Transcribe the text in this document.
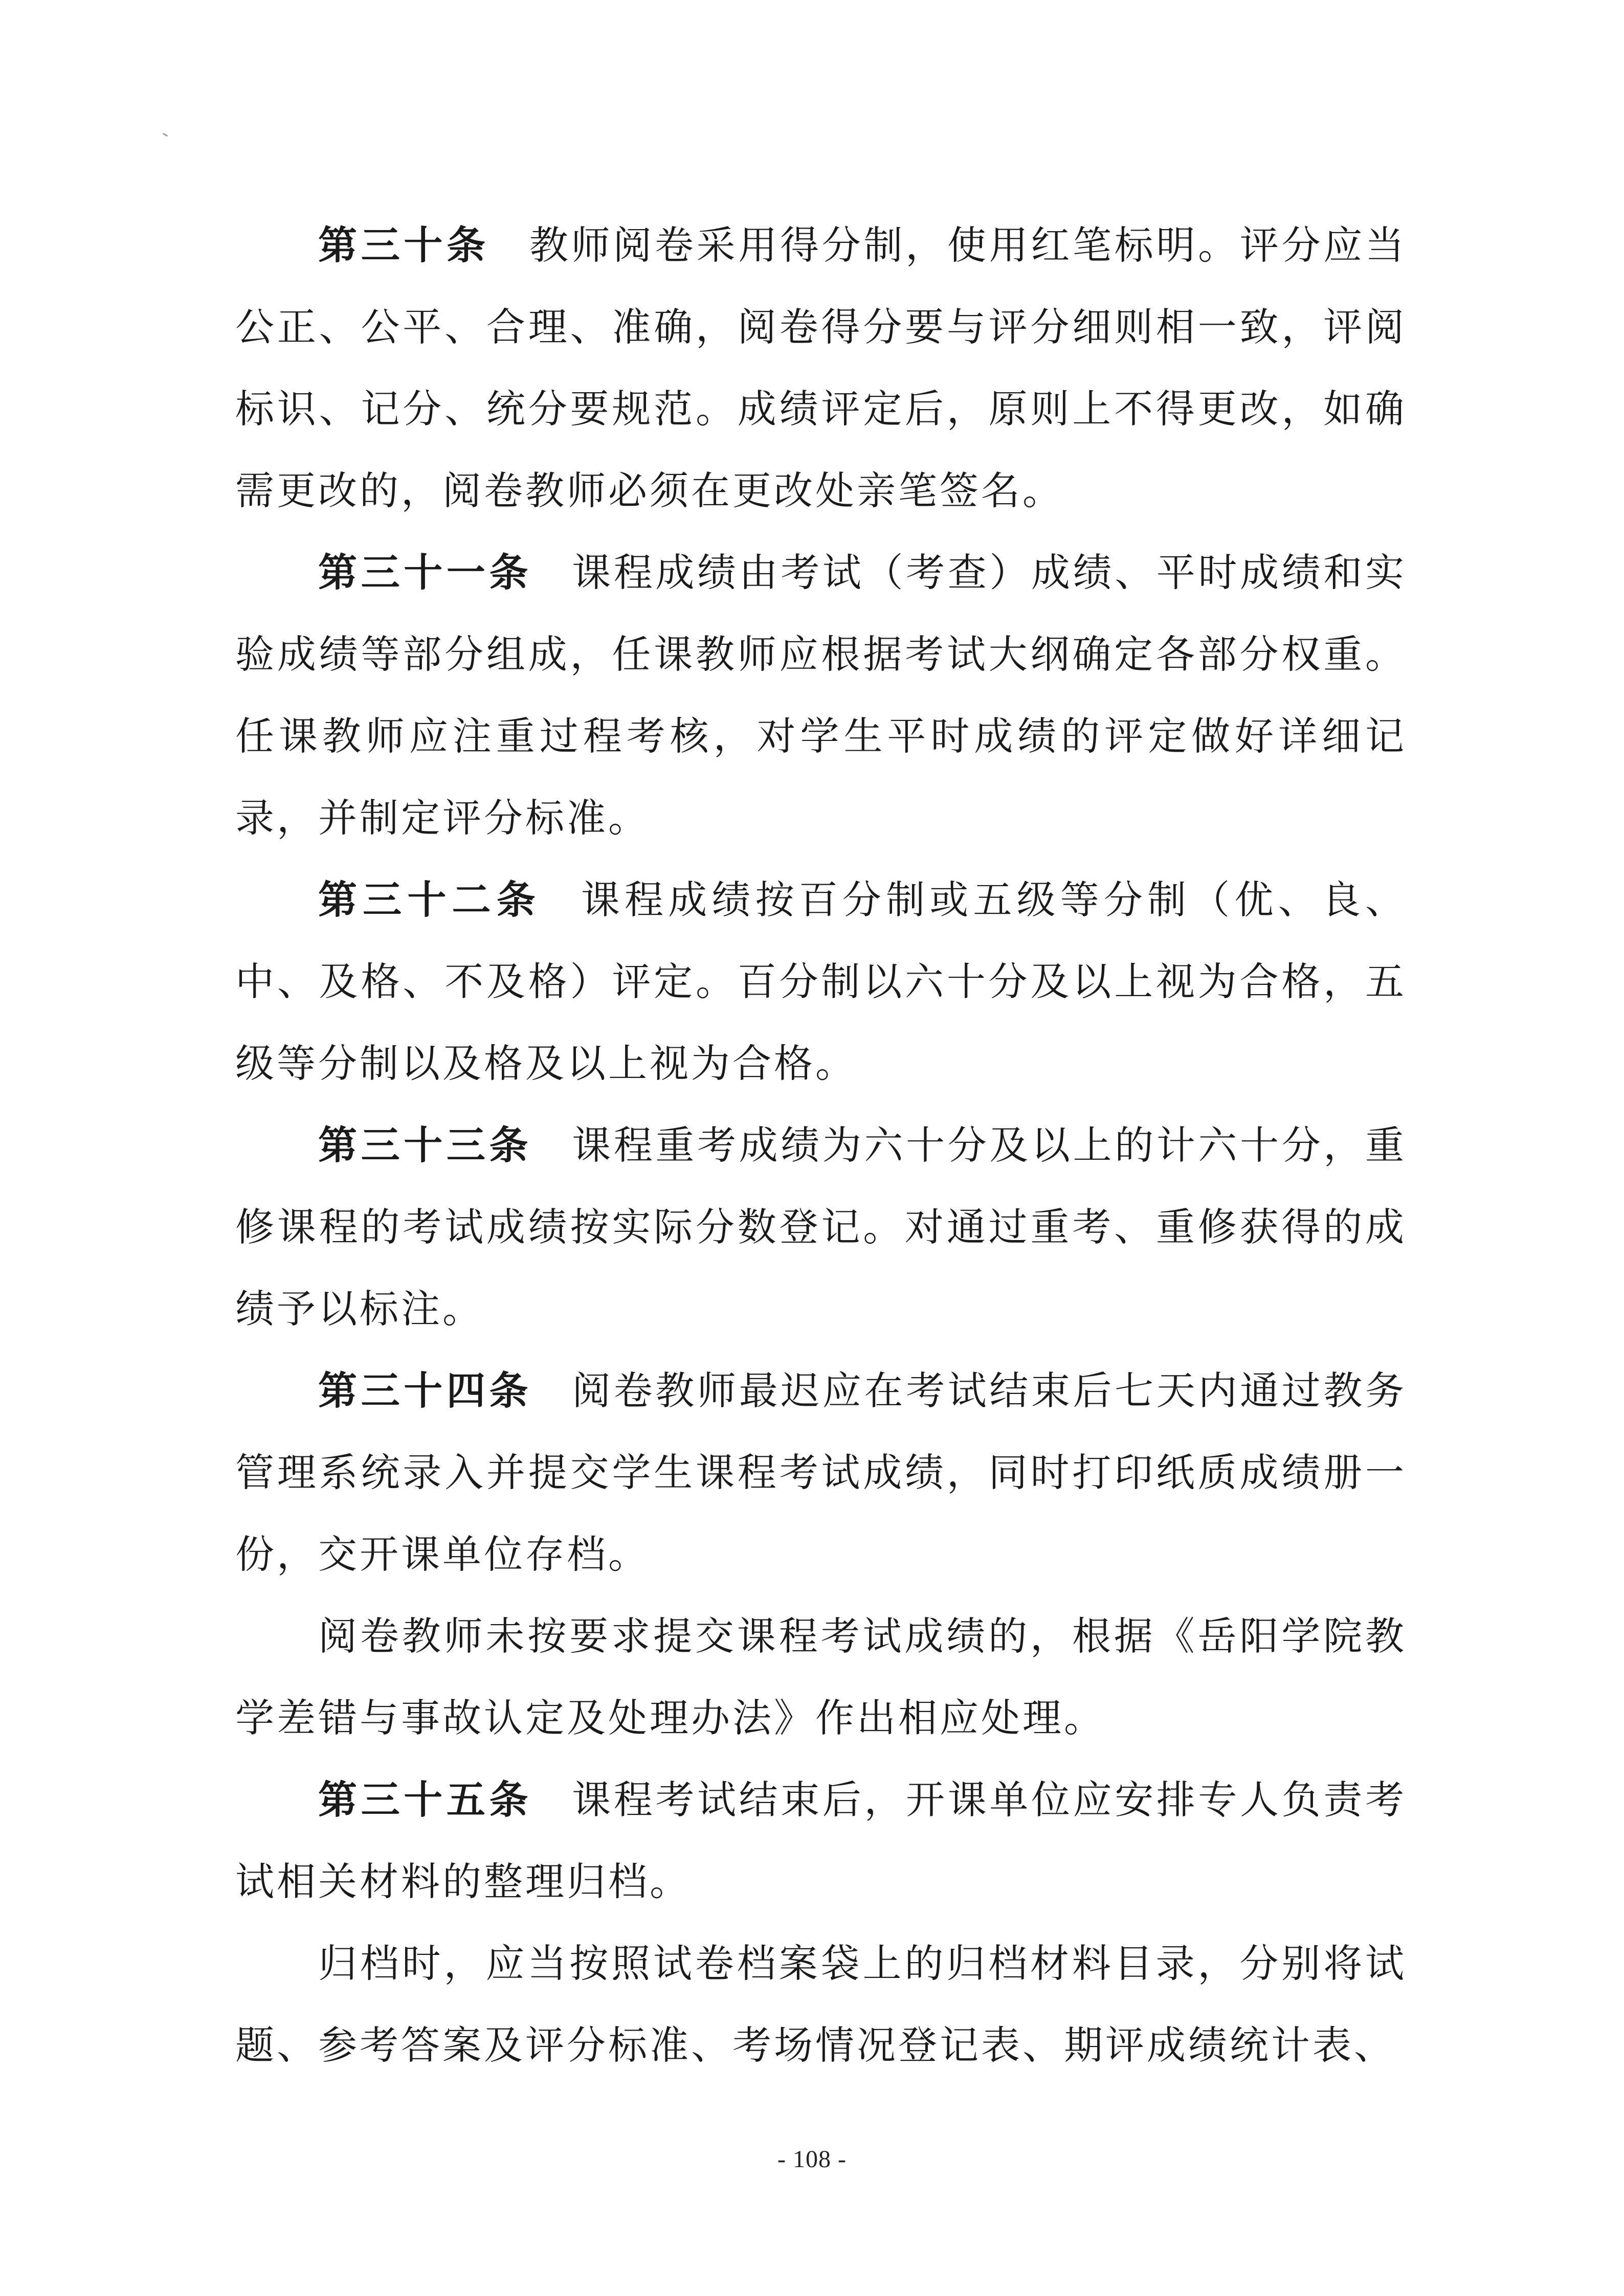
第三十条 教师阅卷采用得分制，使用红笔标明。评分应当公正、公平、合理、准确，阅卷得分要与评分细则相一致，评阅标识、记分、统分要规范。成绩评定后，原则上不得更改，如确需更改的，阅卷教师必须在更改处亲笔签名。

第三十一条 课程成绩由考试（考查）成绩、平时成绩和实验成绩等部分组成，任课教师应根据考试大纲确定各部分权重。任课教师应注重过程考核，对学生平时成绩的评定做好详细记录，并制定评分标准。

第三十二条 课程成绩按百分制或五级等分制（优、良、中、及格、不及格）评定。百分制以六十分及以上视为合格，五级等分制以及格及以上视为合格。

第三十三条 课程重考成绩为六十分及以上的计六十分，重修课程的考试成绩按实际分数登记。对通过重考、重修获得的成绩予以标注。

第三十四条 阅卷教师最迟应在考试结束后七天内通过教务管理系统录入并提交学生课程考试成绩，同时打印纸质成绩册一份，交开课单位存档。

阅卷教师未按要求提交课程考试成绩的，根据《岳阳学院教学差错与事故认定及处理办法》作出相应处理。

第三十五条 课程考试结束后，开课单位应安排专人负责考试相关材料的整理归档。

归档时，应当按照试卷档案袋上的归档材料目录，分别将试题、参考答案及评分标准、考场情况登记表、期评成绩统计表、

- 108 -
